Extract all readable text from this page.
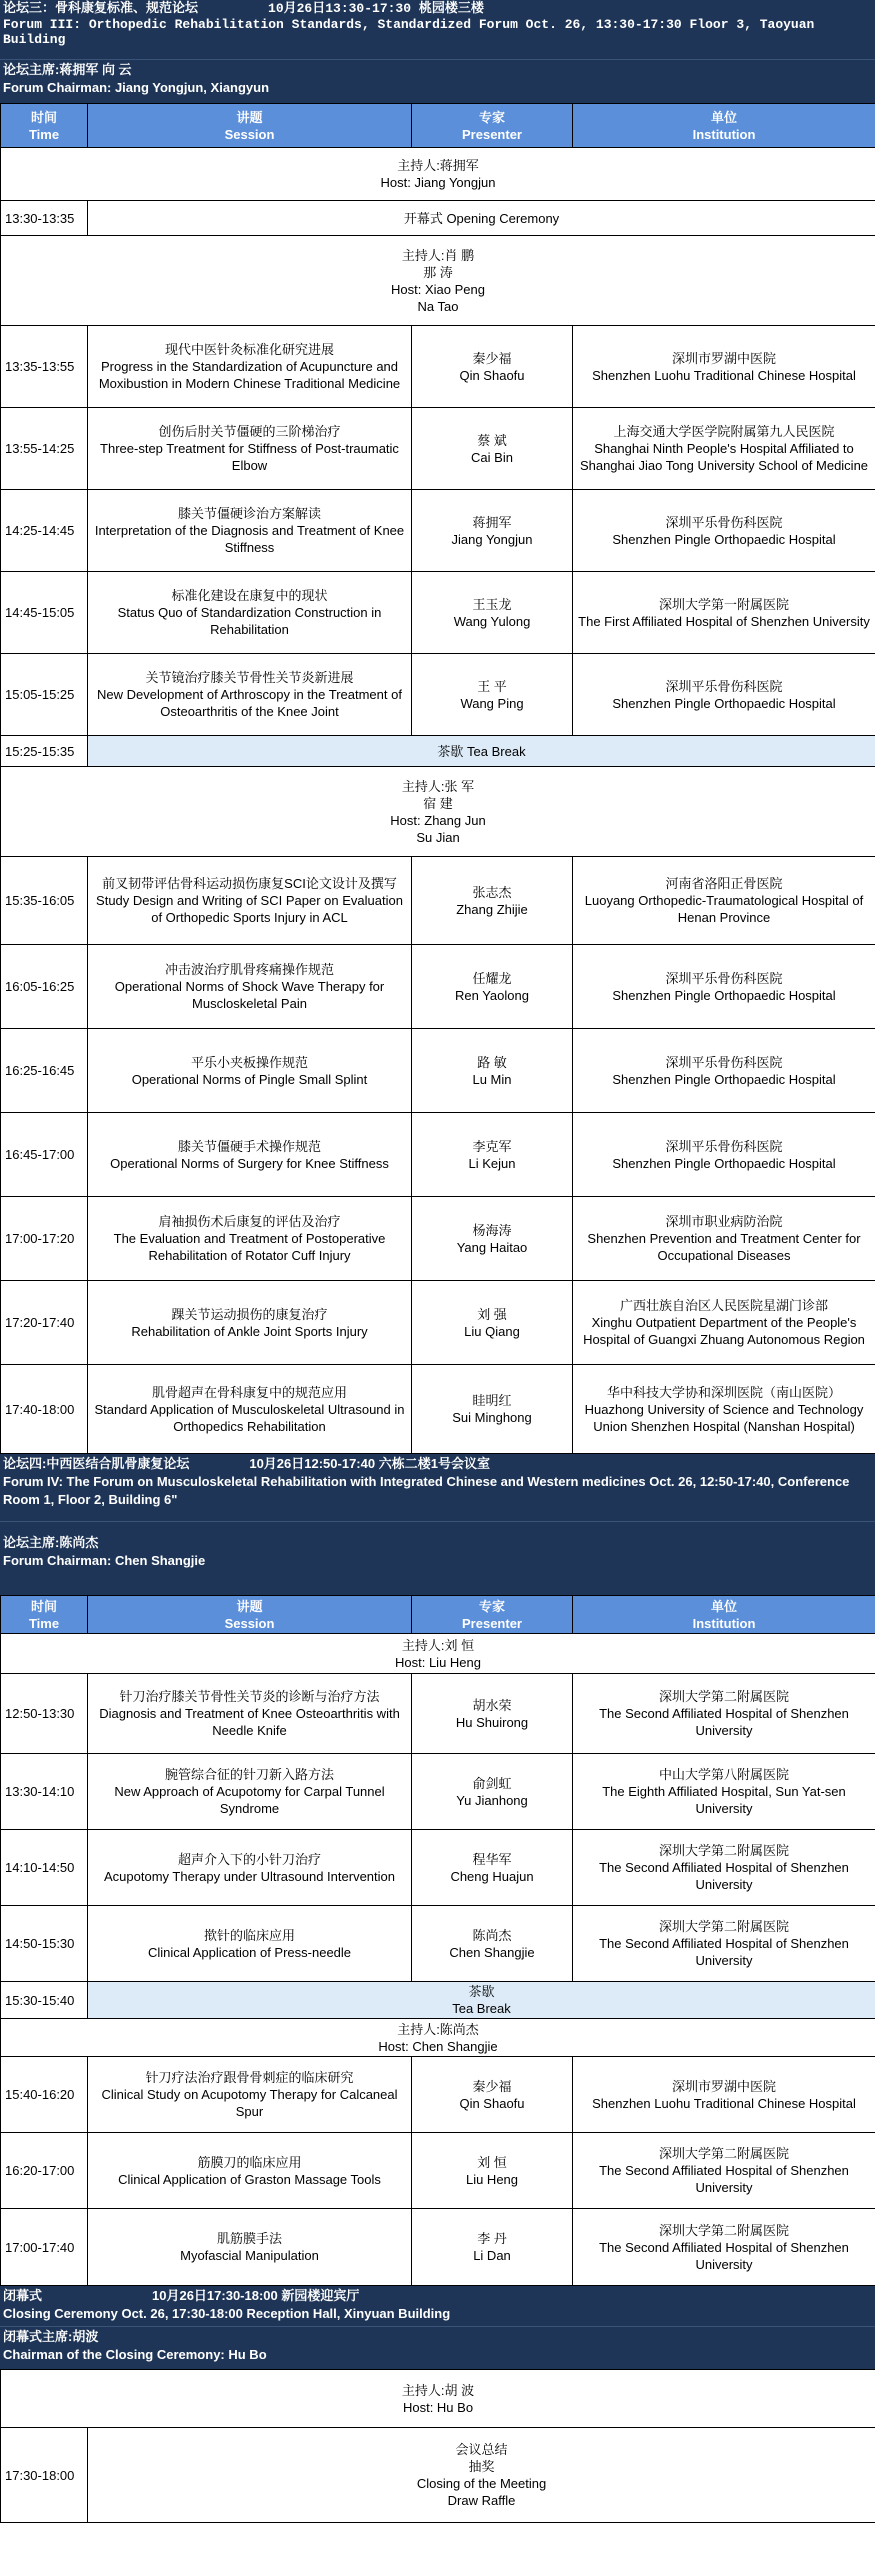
论坛三：骨科康复标准、规范论坛	10月26日13:30-17:30 桃园楼三楼
Forum III: Orthopedic Rehabilitation Standards, Standardized Forum Oct. 26, 13:30-17:30 Floor 3, Taoyuan Building
论坛主席:蒋拥军 向 云
Forum Chairman: Jiang Yongjun, Xiangyun
时间
Time	讲题
Session	专家
Presenter	单位
Institution

主持人:蒋拥军
Host: Jiang Yongjun			

13:30-13:35	开幕式 Opening Ceremony		

主持人:肖 鹏
那 涛
Host: Xiao Peng
Na Tao			

13:35-13:55	现代中医针灸标准化研究进展
Progress in the Standardization of Acupuncture and Moxibustion in Modern Chinese Traditional Medicine	秦少福
Qin Shaofu	深圳市罗湖中医院
Shenzhen Luohu Traditional Chinese Hospital

13:55-14:25	创伤后肘关节僵硬的三阶梯治疗
Three-step Treatment for Stiffness of Post-traumatic Elbow	蔡 斌
Cai Bin	上海交通大学医学院附属第九人民医院
Shanghai Ninth People's Hospital Affiliated to Shanghai Jiao Tong University School of Medicine

14:25-14:45	膝关节僵硬诊治方案解读
Interpretation of the Diagnosis and Treatment of Knee Stiffness	蒋拥军
Jiang Yongjun	深圳平乐骨伤科医院
Shenzhen Pingle Orthopaedic Hospital

14:45-15:05	标准化建设在康复中的现状
Status Quo of Standardization Construction in Rehabilitation	王玉龙
Wang Yulong	深圳大学第一附属医院
The First Affiliated Hospital of Shenzhen University

15:05-15:25	关节镜治疗膝关节骨性关节炎新进展
New Development of Arthroscopy in the Treatment of Osteoarthritis of the Knee Joint	王 平
Wang Ping	深圳平乐骨伤科医院
Shenzhen Pingle Orthopaedic Hospital

15:25-15:35	茶歇 Tea Break		

主持人:张 军
宿 建
Host: Zhang Jun
Su Jian			

15:35-16:05	前叉韧带评估骨科运动损伤康复SCI论文设计及撰写
Study Design and Writing of SCI Paper on Evaluation of Orthopedic Sports Injury in ACL	张志杰
Zhang Zhijie	河南省洛阳正骨医院
Luoyang Orthopedic-Traumatological Hospital of Henan Province

16:05-16:25	冲击波治疗肌骨疼痛操作规范
Operational Norms of Shock Wave Therapy for Muscloskeletal Pain	任耀龙
Ren Yaolong	深圳平乐骨伤科医院
Shenzhen Pingle Orthopaedic Hospital

16:25-16:45	平乐小夹板操作规范
Operational Norms of Pingle Small Splint	路 敏
Lu Min	深圳平乐骨伤科医院
Shenzhen Pingle Orthopaedic Hospital

16:45-17:00	膝关节僵硬手术操作规范
Operational Norms of Surgery for Knee Stiffness	李克军
Li Kejun	深圳平乐骨伤科医院
Shenzhen Pingle Orthopaedic Hospital

17:00-17:20	肩袖损伤术后康复的评估及治疗
The Evaluation and Treatment of Postoperative Rehabilitation of Rotator Cuff Injury	杨海涛
Yang Haitao	深圳市职业病防治院
Shenzhen Prevention and Treatment Center for Occupational Diseases

17:20-17:40	踝关节运动损伤的康复治疗
Rehabilitation of Ankle Joint Sports Injury	刘 强
Liu Qiang	广西壮族自治区人民医院星湖门诊部
Xinghu Outpatient Department of the People's Hospital of Guangxi Zhuang Autonomous Region

17:40-18:00	肌骨超声在骨科康复中的规范应用
Standard Application of Musculoskeletal Ultrasound in Orthopedics Rehabilitation	眭明红
Sui Minghong	华中科技大学协和深圳医院（南山医院）
Huazhong University of Science and Technology Union Shenzhen Hospital (Nanshan Hospital)
论坛四:中西医结合肌骨康复论坛	10月26日12:50-17:40 六栋二楼1号会议室
Forum IV: The Forum on Musculoskeletal Rehabilitation with Integrated Chinese and Western medicines Oct. 26, 12:50-17:40, Conference Room 1, Floor 2, Building 6"
论坛主席:陈尚杰
Forum Chairman: Chen Shangjie
时间
Time	讲题
Session	专家
Presenter	单位
Institution

主持人:刘 恒
Host: Liu Heng			

12:50-13:30	针刀治疗膝关节骨性关节炎的诊断与治疗方法
Diagnosis and Treatment of Knee Osteoarthritis with Needle Knife	胡水荣
Hu Shuirong	深圳大学第二附属医院
The Second Affiliated Hospital of Shenzhen University

13:30-14:10	腕管综合征的针刀新入路方法
New Approach of Acupotomy for Carpal Tunnel Syndrome	俞剑虹
Yu Jianhong	中山大学第八附属医院
The Eighth Affiliated Hospital, Sun Yat-sen University

14:10-14:50	超声介入下的小针刀治疗
Acupotomy Therapy under Ultrasound Intervention	程华军
Cheng Huajun	深圳大学第二附属医院
The Second Affiliated Hospital of Shenzhen University

14:50-15:30	揿针的临床应用
Clinical Application of Press-needle	陈尚杰
Chen Shangjie	深圳大学第二附属医院
The Second Affiliated Hospital of Shenzhen University

15:30-15:40	茶歇
Tea Break		

主持人:陈尚杰
Host: Chen Shangjie			

15:40-16:20	针刀疗法治疗跟骨骨刺症的临床研究
Clinical Study on Acupotomy Therapy for Calcaneal Spur	秦少福
Qin Shaofu	深圳市罗湖中医院
Shenzhen Luohu Traditional Chinese Hospital

16:20-17:00	筋膜刀的临床应用
Clinical Application of Graston Massage Tools	刘 恒
Liu Heng	深圳大学第二附属医院
The Second Affiliated Hospital of Shenzhen University

17:00-17:40	肌筋膜手法
Myofascial Manipulation	李 丹
Li Dan	深圳大学第二附属医院
The Second Affiliated Hospital of Shenzhen University
闭幕式	10月26日17:30-18:00 新园楼迎宾厅
Closing Ceremony Oct. 26, 17:30-18:00 Reception Hall, Xinyuan Building
闭幕式主席:胡波
Chairman of the Closing Ceremony: Hu Bo
主持人:胡 波
Host: Hu Bo

17:30-18:00	
会议总结
抽奖
Closing of the Meeting
Draw Raffle
